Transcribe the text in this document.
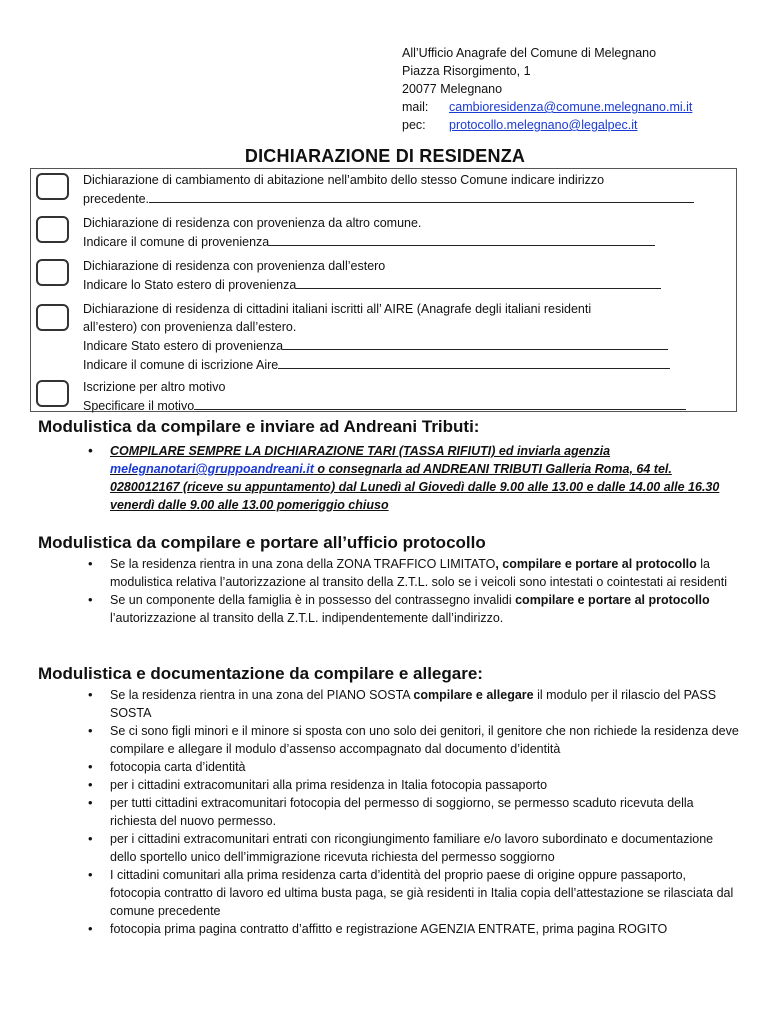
All’Ufficio Anagrafe del Comune di Melegnano
Piazza Risorgimento, 1
20077 Melegnano
mail:	cambioresidenza@comune.melegnano.mi.it
pec:	protocollo.melegnano@legalpec.it
DICHIARAZIONE DI RESIDENZA
Dichiarazione di cambiamento di abitazione nell’ambito dello stesso Comune indicare indirizzo
precedente.
Dichiarazione di residenza con provenienza da altro comune.
Indicare il comune di provenienza
Dichiarazione di residenza con provenienza dall’estero
Indicare lo Stato estero di provenienza
Dichiarazione di residenza di cittadini italiani iscritti all’ AIRE (Anagrafe degli italiani residenti
all’estero) con provenienza dall’estero.
Indicare Stato estero di provenienza
Indicare il comune di iscrizione Aire
Iscrizione per altro motivo
Specificare il motivo
Modulistica da compilare e inviare ad Andreani Tributi:
• COMPILARE SEMPRE LA DICHIARAZIONE TARI (TASSA RIFIUTI) ed inviarla agenzia melegnanotari@gruppoandreani.it o consegnarla ad ANDREANI TRIBUTI Galleria Roma, 64 tel. 0280012167 (riceve su appuntamento) dal Lunedì al Giovedì dalle 9.00 alle 13.00 e dalle 14.00 alle 16.30 venerdì dalle 9.00 alle 13.00 pomeriggio chiuso
Modulistica da compilare e portare all’ufficio protocollo
• Se la residenza rientra in una zona della ZONA TRAFFICO LIMITATO, compilare e portare al protocollo la modulistica relativa l’autorizzazione al transito della Z.T.L. solo se i veicoli sono intestati o cointestati ai residenti
• Se un componente della famiglia è in possesso del contrassegno invalidi compilare e portare al protocollo l’autorizzazione al transito della Z.T.L. indipendentemente dall’indirizzo.
Modulistica e documentazione da compilare e allegare:
• Se la residenza rientra in una zona del PIANO SOSTA compilare e allegare il modulo per il rilascio del PASS SOSTA
• Se ci sono figli minori e il minore si sposta con uno solo dei genitori, il genitore che non richiede la residenza deve compilare e allegare il modulo d’assenso accompagnato dal documento d’identità
• fotocopia carta d’identità
• per i cittadini extracomunitari alla prima residenza in Italia fotocopia passaporto
• per tutti cittadini extracomunitari fotocopia del permesso di soggiorno, se permesso scaduto ricevuta della richiesta del nuovo permesso.
• per i cittadini extracomunitari entrati con ricongiungimento familiare e/o lavoro subordinato e documentazione dello sportello unico dell’immigrazione ricevuta richiesta del permesso soggiorno
• I cittadini comunitari alla prima residenza carta d’identità del proprio paese di origine oppure passaporto, fotocopia contratto di lavoro ed ultima busta paga, se già residenti in Italia copia dell’attestazione se rilasciata dal comune precedente
• fotocopia prima pagina contratto d’affitto e registrazione AGENZIA ENTRATE, prima pagina ROGITO
